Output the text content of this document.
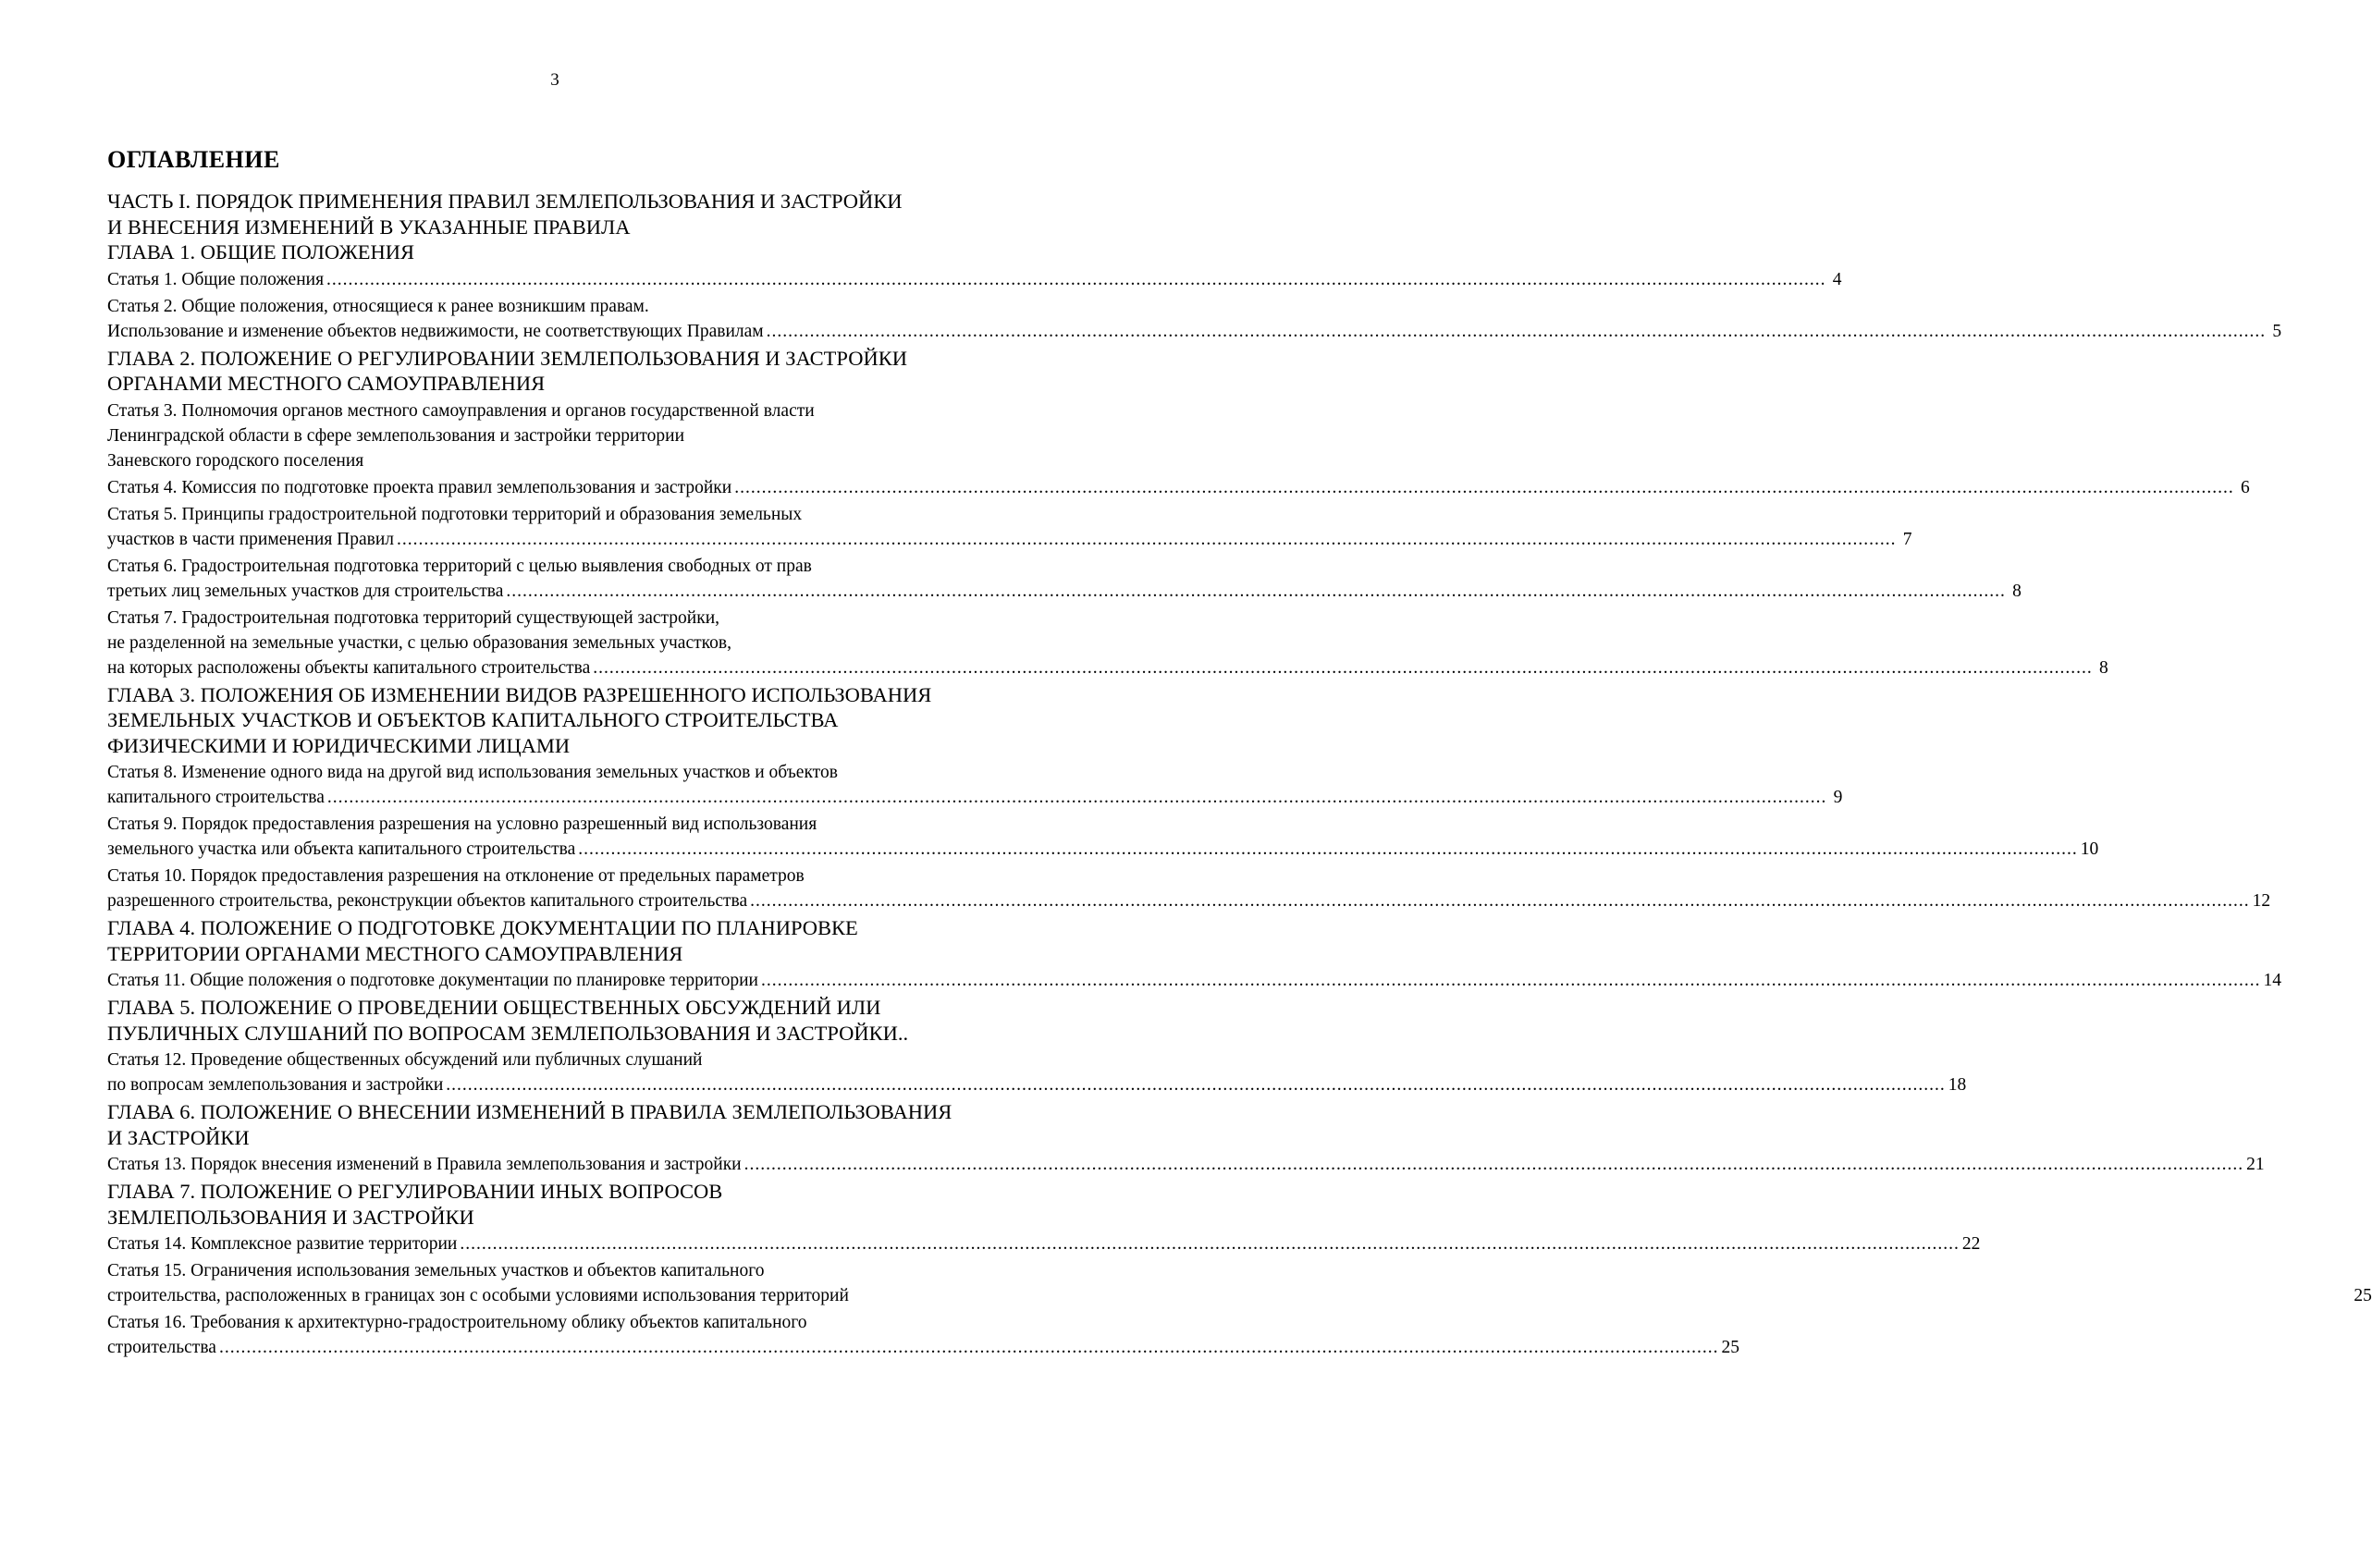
3
ОГЛАВЛЕНИЕ
ЧАСТЬ I. ПОРЯДОК ПРИМЕНЕНИЯ ПРАВИЛ ЗЕМЛЕПОЛЬЗОВАНИЯ И ЗАСТРОЙКИ
И ВНЕСЕНИЯ ИЗМЕНЕНИЙ В УКАЗАННЫЕ ПРАВИЛА
ГЛАВА 1. ОБЩИЕ ПОЛОЖЕНИЯ
Статья 1. Общие положения .....	4
Статья 2. Общие положения, относящиеся к ранее возникшим правам.
Использование и изменение объектов недвижимости, не соответствующих Правилам .....	5
ГЛАВА 2. ПОЛОЖЕНИЕ О РЕГУЛИРОВАНИИ ЗЕМЛЕПОЛЬЗОВАНИЯ И ЗАСТРОЙКИ
ОРГАНАМИ МЕСТНОГО САМОУПРАВЛЕНИЯ
Статья 3. Полномочия органов местного самоуправления и органов государственной власти
Ленинградской области в сфере землепользования и застройки территории
Заневского городского поселения
Статья 4. Комиссия по подготовке проекта правил землепользования и застройки .....	6
Статья 5. Принципы градостроительной подготовки территорий и образования земельных
участков в части применения Правил .....	7
Статья 6. Градостроительная подготовка территорий с целью выявления свободных от прав
третьих лиц земельных участков для строительства .....	8
Статья 7. Градостроительная подготовка территорий существующей застройки,
не разделенной на земельные участки, с целью образования земельных участков,
на которых расположены объекты капитального строительства .....	8
ГЛАВА 3. ПОЛОЖЕНИЯ ОБ ИЗМЕНЕНИИ ВИДОВ РАЗРЕШЕННОГО ИСПОЛЬЗОВАНИЯ
ЗЕМЕЛЬНЫХ УЧАСТКОВ И ОБЪЕКТОВ КАПИТАЛЬНОГО СТРОИТЕЛЬСТВА
ФИЗИЧЕСКИМИ И ЮРИДИЧЕСКИМИ ЛИЦАМИ
Статья 8. Изменение одного вида на другой вид использования земельных участков и объектов
капитального строительства .....	9
Статья 9. Порядок предоставления разрешения на условно разрешенный вид использования
земельного участка или объекта капитального строительства .....	10
Статья 10. Порядок предоставления разрешения на отклонение от предельных параметров
разрешенного строительства, реконструкции объектов капитального строительства .....	12
ГЛАВА 4. ПОЛОЖЕНИЕ О ПОДГОТОВКЕ ДОКУМЕНТАЦИИ ПО ПЛАНИРОВКЕ
ТЕРРИТОРИИ ОРГАНАМИ МЕСТНОГО САМОУПРАВЛЕНИЯ
Статья 11. Общие положения о подготовке документации по планировке территории .....	14
ГЛАВА 5. ПОЛОЖЕНИЕ О ПРОВЕДЕНИИ ОБЩЕСТВЕННЫХ ОБСУЖДЕНИЙ ИЛИ
ПУБЛИЧНЫХ СЛУШАНИЙ ПО ВОПРОСАМ ЗЕМЛЕПОЛЬЗОВАНИЯ И ЗАСТРОЙКИ..
Статья 12. Проведение общественных обсуждений или публичных слушаний
по вопросам землепользования и застройки .....	18
ГЛАВА 6. ПОЛОЖЕНИЕ О ВНЕСЕНИИ ИЗМЕНЕНИЙ В ПРАВИЛА ЗЕМЛЕПОЛЬЗОВАНИЯ
И ЗАСТРОЙКИ
Статья 13. Порядок внесения изменений в Правила землепользования и застройки .....	21
ГЛАВА 7. ПОЛОЖЕНИЕ О РЕГУЛИРОВАНИИ ИНЫХ ВОПРОСОВ
ЗЕМЛЕПОЛЬЗОВАНИЯ И ЗАСТРОЙКИ
Статья 14. Комплексное развитие территории .....	22
Статья 15. Ограничения использования земельных участков и объектов капитального
строительства, расположенных в границах зон с особыми условиями использования территорий	25
Статья 16. Требования к архитектурно-градостроительному облику объектов капитального
строительства .....	25
